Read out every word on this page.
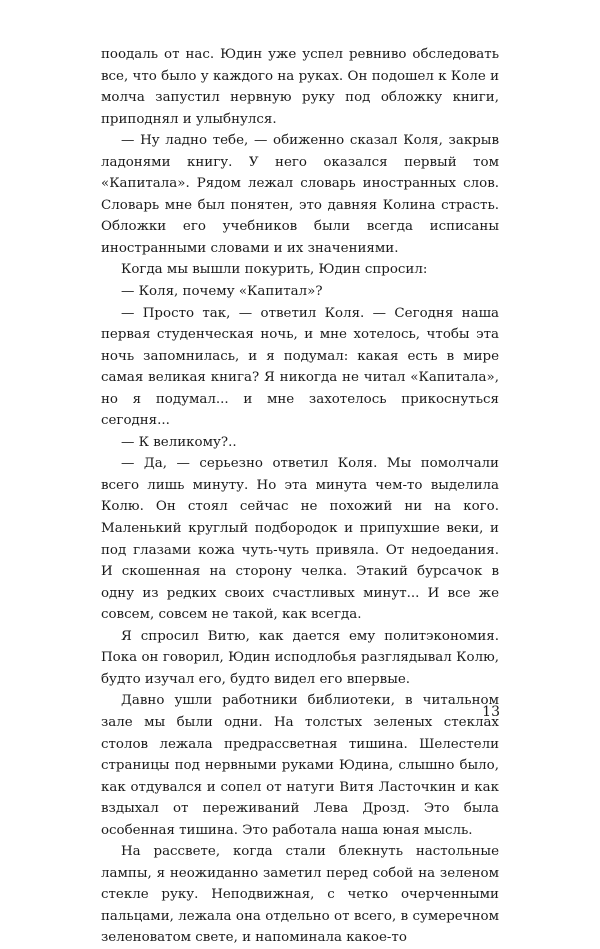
поодаль от нас. Юдин уже успел ревниво обследовать все, что было у каждого на руках. Он подошел к Коле и молча запустил нервную руку под обложку книги, приподнял и улыбнулся.

— Ну ладно тебе, — обиженно сказал Коля, закрыв ладонями книгу. У него оказался первый том «Капитала». Рядом лежал словарь иностранных слов. Словарь мне был понятен, это давняя Колина страсть. Обложки его учебников были всегда исписаны иностранными словами и их значениями.

Когда мы вышли покурить, Юдин спросил:

— Коля, почему «Капитал»?

— Просто так, — ответил Коля. — Сегодня наша первая студенческая ночь, и мне хотелось, чтобы эта ночь запомнилась, и я подумал: какая есть в мире самая великая книга? Я никогда не читал «Капитала», но я подумал... и мне захотелось прикоснуться сегодня...

— К великому?..

— Да, — серьезно ответил Коля. Мы помолчали всего лишь минуту. Но эта минута чем-то выделила Колю. Он стоял сейчас не похожий ни на кого. Маленький круглый подбородок и припухшие веки, и под глазами кожа чуть-чуть привяла. От недоедания. И скошенная на сторону челка. Этакий бурсачок в одну из редких своих счастливых минут... И все же совсем, совсем не такой, как всегда.

Я спросил Витю, как дается ему политэкономия. Пока он говорил, Юдин исподлобья разглядывал Колю, будто изучал его, будто видел его впервые.

Давно ушли работники библиотеки, в читальном зале мы были одни. На толстых зеленых стеклах столов лежала предрассветная тишина. Шелестели страницы под нервными руками Юдина, слышно было, как отдувался и сопел от натуги Витя Ласточкин и как вздыхал от переживаний Лева Дрозд. Это была особенная тишина. Это работала наша юная мысль.

На рассвете, когда стали блекнуть настольные лампы, я неожиданно заметил перед собой на зеленом стекле руку. Неподвижная, с четко очерченными пальцами, лежала она отдельно от всего, в сумеречном зеленоватом свете, и напоминала какое-то

13
